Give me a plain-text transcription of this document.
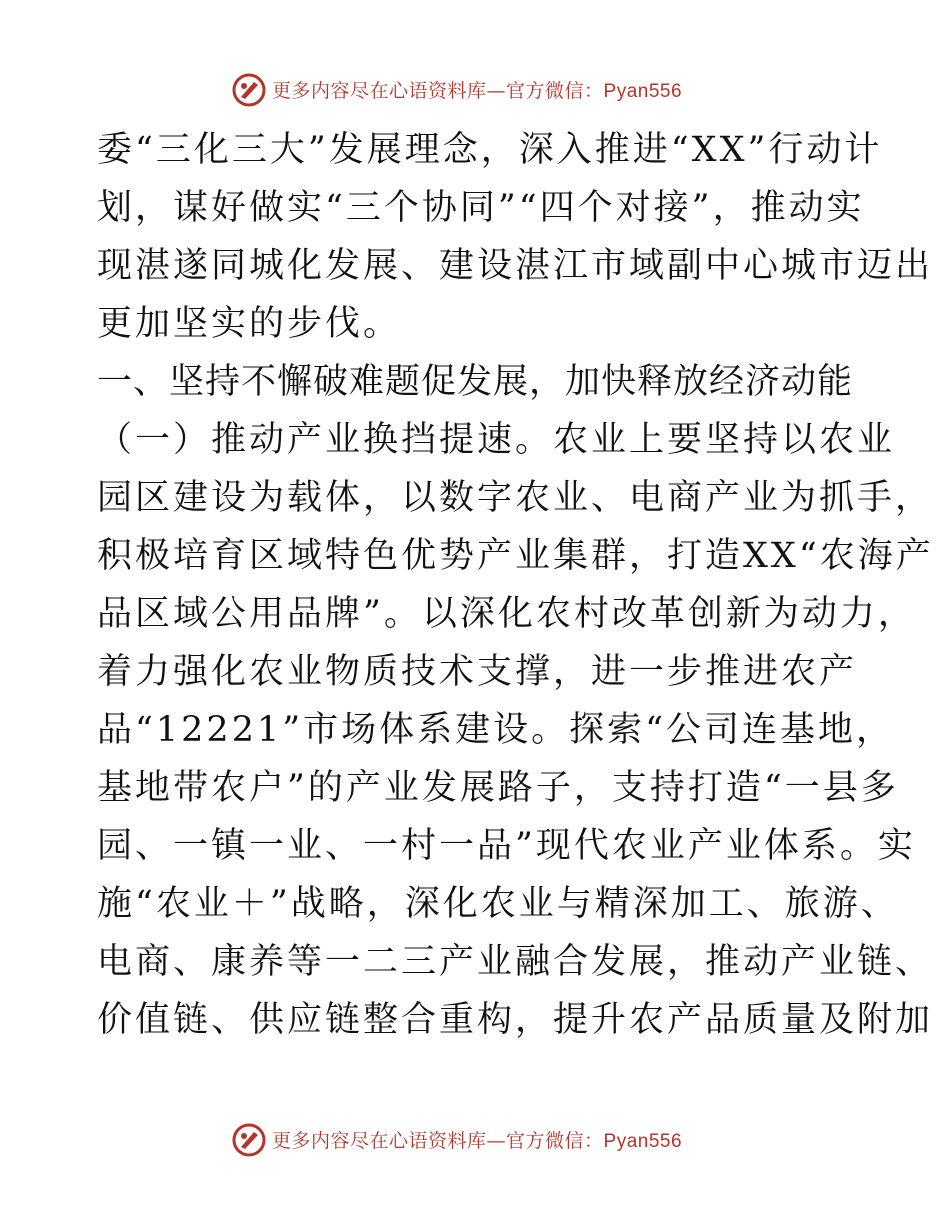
更多内容尽在心语资料库—官方微信：Pyan556
委“三化三大”发展理念，深入推进“XX”行动计
划，谋好做实“三个协同”“四个对接”，推动实
现湛遂同城化发展、建设湛江市域副中心城市迈出
更加坚实的步伐。
一、坚持不懈破难题促发展，加快释放经济动能
（一）推动产业换挡提速。农业上要坚持以农业
园区建设为载体，以数字农业、电商产业为抓手，
积极培育区域特色优势产业集群，打造XX“农海产
品区域公用品牌”。以深化农村改革创新为动力，
着力强化农业物质技术支撑，进一步推进农产
品“12221”市场体系建设。探索“公司连基地，
基地带农户”的产业发展路子，支持打造“一县多
园、一镇一业、一村一品”现代农业产业体系。实
施“农业＋”战略，深化农业与精深加工、旅游、
电商、康养等一二三产业融合发展，推动产业链、
价值链、供应链整合重构，提升农产品质量及附加
更多内容尽在心语资料库—官方微信：Pyan556
